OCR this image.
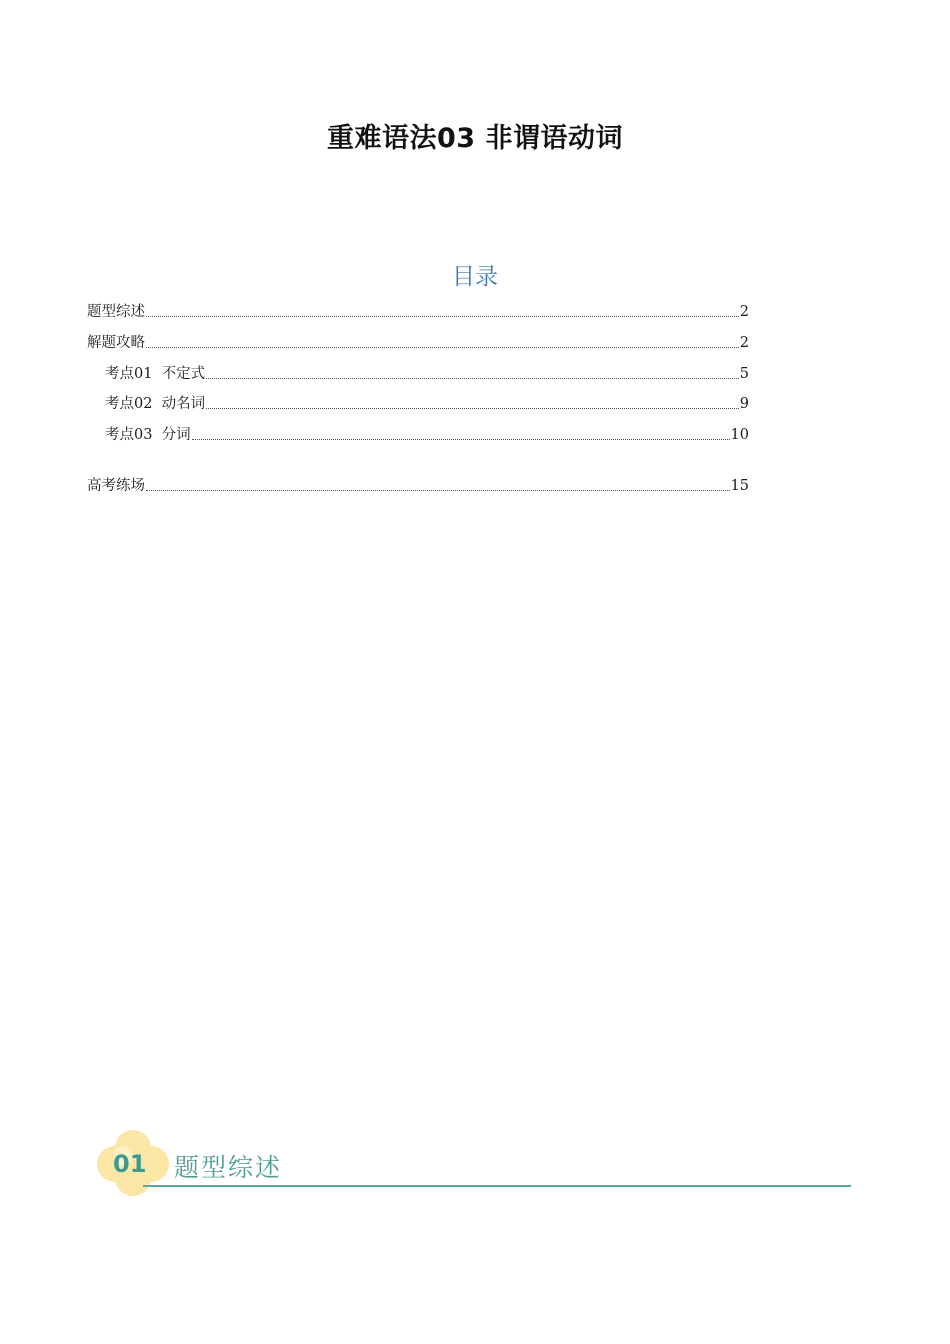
重难语法03 非谓语动词
目录
题型综述	2
解题攻略	2
考点01  不定式	5
考点02  动名词	9
考点03  分词	10
高考练场	15
01 题型综述
